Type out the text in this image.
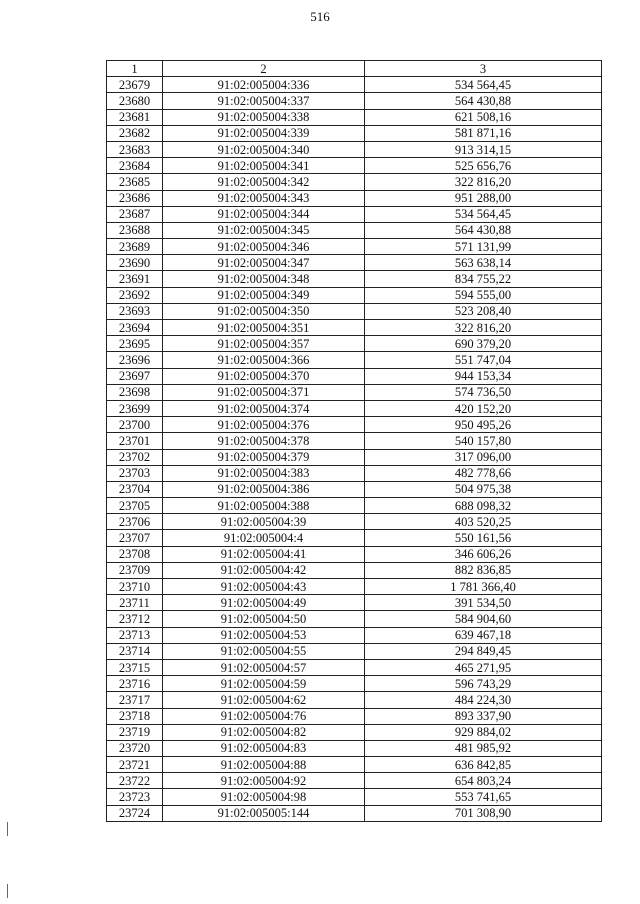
516
1	2	3
23679	91:02:005004:336	534 564,45
23680	91:02:005004:337	564 430,88
23681	91:02:005004:338	621 508,16
23682	91:02:005004:339	581 871,16
23683	91:02:005004:340	913 314,15
23684	91:02:005004:341	525 656,76
23685	91:02:005004:342	322 816,20
23686	91:02:005004:343	951 288,00
23687	91:02:005004:344	534 564,45
23688	91:02:005004:345	564 430,88
23689	91:02:005004:346	571 131,99
23690	91:02:005004:347	563 638,14
23691	91:02:005004:348	834 755,22
23692	91:02:005004:349	594 555,00
23693	91:02:005004:350	523 208,40
23694	91:02:005004:351	322 816,20
23695	91:02:005004:357	690 379,20
23696	91:02:005004:366	551 747,04
23697	91:02:005004:370	944 153,34
23698	91:02:005004:371	574 736,50
23699	91:02:005004:374	420 152,20
23700	91:02:005004:376	950 495,26
23701	91:02:005004:378	540 157,80
23702	91:02:005004:379	317 096,00
23703	91:02:005004:383	482 778,66
23704	91:02:005004:386	504 975,38
23705	91:02:005004:388	688 098,32
23706	91:02:005004:39	403 520,25
23707	91:02:005004:4	550 161,56
23708	91:02:005004:41	346 606,26
23709	91:02:005004:42	882 836,85
23710	91:02:005004:43	1 781 366,40
23711	91:02:005004:49	391 534,50
23712	91:02:005004:50	584 904,60
23713	91:02:005004:53	639 467,18
23714	91:02:005004:55	294 849,45
23715	91:02:005004:57	465 271,95
23716	91:02:005004:59	596 743,29
23717	91:02:005004:62	484 224,30
23718	91:02:005004:76	893 337,90
23719	91:02:005004:82	929 884,02
23720	91:02:005004:83	481 985,92
23721	91:02:005004:88	636 842,85
23722	91:02:005004:92	654 803,24
23723	91:02:005004:98	553 741,65
23724	91:02:005005:144	701 308,90
